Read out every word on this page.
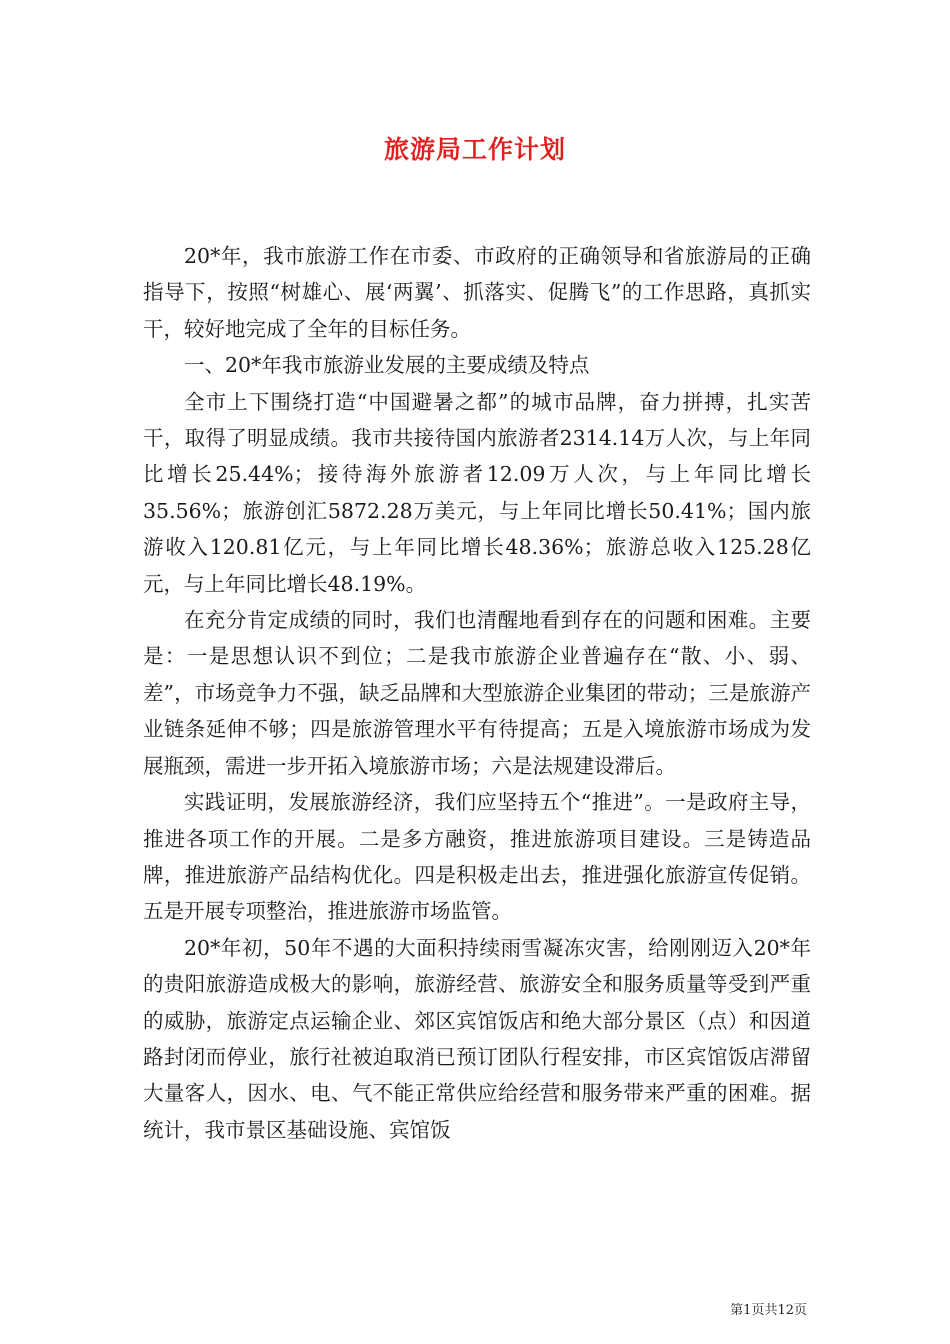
旅游局工作计划

20*年，我市旅游工作在市委、市政府的正确领导和省旅游局的正确指导下，按照“树雄心、展‘两翼’、抓落实、促腾飞”的工作思路，真抓实干，较好地完成了全年的目标任务。

一、20*年我市旅游业发展的主要成绩及特点

全市上下围绕打造“中国避暑之都”的城市品牌，奋力拼搏，扎实苦干，取得了明显成绩。我市共接待国内旅游者2314.14万人次，与上年同比增长25.44%；接待海外旅游者12.09万人次，与上年同比增长35.56%；旅游创汇5872.28万美元，与上年同比增长50.41%；国内旅游收入120.81亿元，与上年同比增长48.36%；旅游总收入125.28亿元，与上年同比增长48.19%。

在充分肯定成绩的同时，我们也清醒地看到存在的问题和困难。主要是：一是思想认识不到位；二是我市旅游企业普遍存在“散、小、弱、差”，市场竞争力不强，缺乏品牌和大型旅游企业集团的带动；三是旅游产业链条延伸不够；四是旅游管理水平有待提高；五是入境旅游市场成为发展瓶颈，需进一步开拓入境旅游市场；六是法规建设滞后。

实践证明，发展旅游经济，我们应坚持五个“推进”。一是政府主导，推进各项工作的开展。二是多方融资，推进旅游项目建设。三是铸造品牌，推进旅游产品结构优化。四是积极走出去，推进强化旅游宣传促销。五是开展专项整治，推进旅游市场监管。

20*年初，50年不遇的大面积持续雨雪凝冻灾害，给刚刚迈入20*年的贵阳旅游造成极大的影响，旅游经营、旅游安全和服务质量等受到严重的威胁，旅游定点运输企业、郊区宾馆饭店和绝大部分景区（点）和因道路封闭而停业，旅行社被迫取消已预订团队行程安排，市区宾馆饭店滞留大量客人，因水、电、气不能正常供应给经营和服务带来严重的困难。据统计，我市景区基础设施、宾馆饭

第1页共12页
